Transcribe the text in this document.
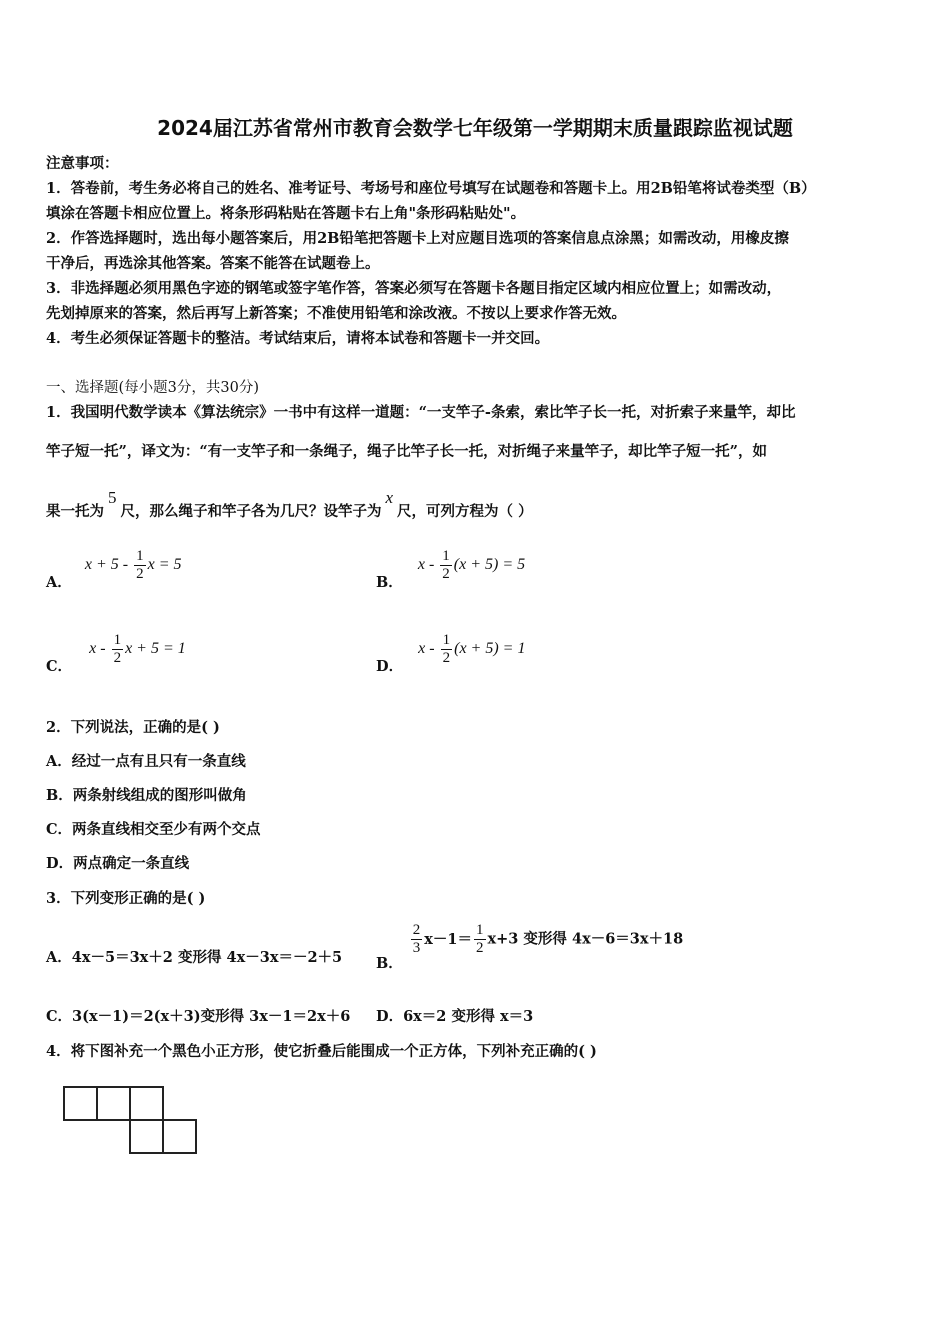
2024届江苏省常州市教育会数学七年级第一学期期末质量跟踪监视试题
注意事项：
1．答卷前，考生务必将自己的姓名、准考证号、考场号和座位号填写在试题卷和答题卡上。用2B铅笔将试卷类型（B）
填涂在答题卡相应位置上。将条形码粘贴在答题卡右上角"条形码粘贴处"。
2．作答选择题时，选出每小题答案后，用2B铅笔把答题卡上对应题目选项的答案信息点涂黑；如需改动，用橡皮擦
干净后，再选涂其他答案。答案不能答在试题卷上。
3．非选择题必须用黑色字迹的钢笔或签字笔作答，答案必须写在答题卡各题目指定区域内相应位置上；如需改动，
先划掉原来的答案，然后再写上新答案；不准使用铅笔和涂改液。不按以上要求作答无效。
4．考生必须保证答题卡的整洁。考试结束后，请将本试卷和答题卡一并交回。
一、选择题(每小题3分，共30分)
1．我国明代数学读本《算法统宗》一书中有这样一道题：“一支竿子-条索，索比竿子长一托，对折索子来量竿，却比
竿子短一托”，译文为：“有一支竿子和一条绳子，绳子比竿子长一托，对折绳子来量竿子，却比竿子短一托”，如
果一托为5尺，那么绳子和竿子各为几尺？设竿子为x尺，可列方程为（ ）
A． $x + 5 - \frac{1}{2}$ x = 5
B． $x - \frac{1}{2} (x + 5) = 5$
C． x - $\frac{1}{2}$ x + 5 = 1
D． $x - \frac{1}{2} (x + 5) = 1$
2．下列说法，正确的是( )
A．经过一点有且只有一条直线
B．两条射线组成的图形叫做角
C．两条直线相交至少有两个交点
D．两点确定一条直线
3．下列变形正确的是( )
A．4x－5＝3x＋2 变形得 4x－3x＝－2＋5 B．
$\frac{2}{3} x-1= \frac{1}{2} x+3$ 变形得 4x－6＝3x＋18
C．3(x－1)＝2(x＋3)变形得 3x－1＝2x＋6 D．6x＝2 变形得 x＝3
4．将下图补充一个黑色小正方形，使它折叠后能围成一个正方体，下列补充正确的( )
